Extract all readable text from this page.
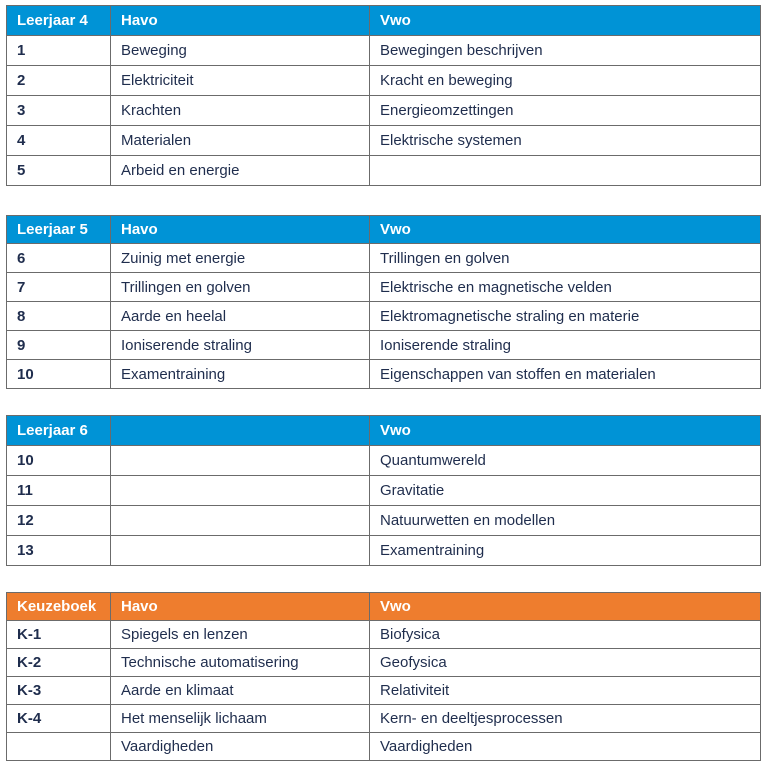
Leerjaar 4	Havo	Vwo
1	Beweging	Bewegingen beschrijven
2	Elektriciteit	Kracht en beweging
3	Krachten	Energieomzettingen
4	Materialen	Elektrische systemen
5	Arbeid en energie	
Leerjaar 5	Havo	Vwo
6	Zuinig met energie	Trillingen en golven
7	Trillingen en golven	Elektrische en magnetische velden
8	Aarde en heelal	Elektromagnetische straling en materie
9	Ioniserende straling	Ioniserende straling
10	Examentraining	Eigenschappen van stoffen en materialen
Leerjaar 6		Vwo
10		Quantumwereld
11		Gravitatie
12		Natuurwetten en modellen
13		Examentraining
Keuzeboek	Havo	Vwo
K-1	Spiegels en lenzen	Biofysica
K-2	Technische automatisering	Geofysica
K-3	Aarde en klimaat	Relativiteit
K-4	Het menselijk lichaam	Kern- en deeltjesprocessen
	Vaardigheden	Vaardigheden
